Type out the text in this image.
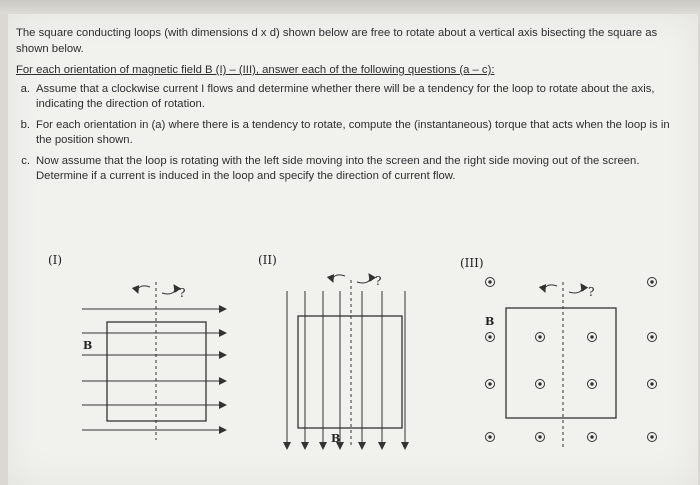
The square conducting loops (with dimensions d x d) shown below are free to rotate about a vertical axis bisecting the square as shown below.

For each orientation of magnetic field B (I) – (III), answer each of the following questions (a – c):

a. Assume that a clockwise current I flows and determine whether there will be a tendency for the loop to rotate about the axis, indicating the direction of rotation.
b. For each orientation in (a) where there is a tendency to rotate, compute the (instantaneous) torque that acts when the loop is in the position shown.
c. Now assume that the loop is rotating with the left side moving into the screen and the right side moving out of the screen. Determine if a current is induced in the loop and specify the direction of current flow.
(I)	(II)	(III)
?
B
?
B
?
B
